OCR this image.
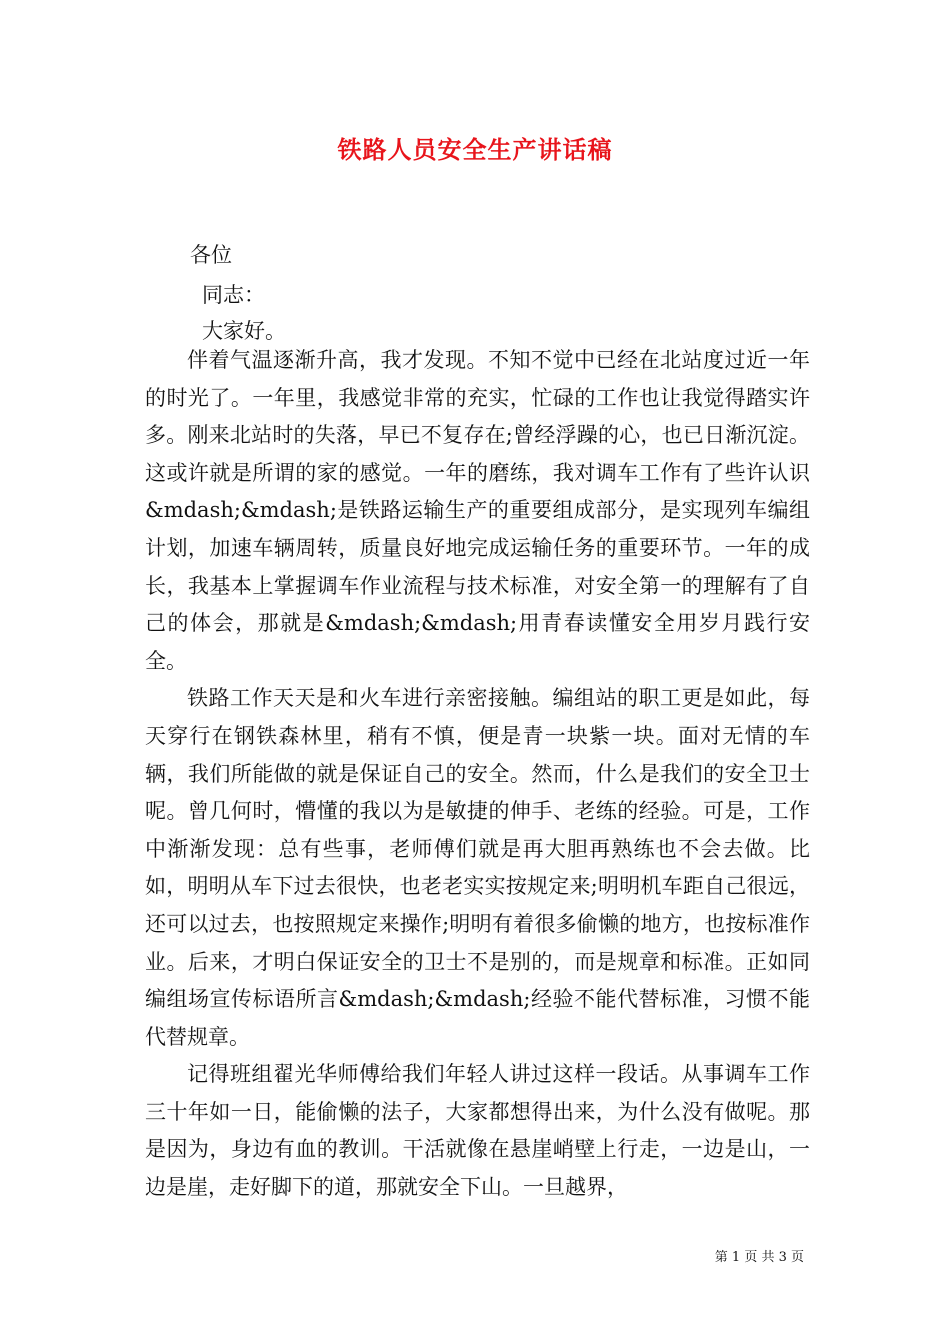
铁路人员安全生产讲话稿
各位
同志：
大家好。

伴着气温逐渐升高，我才发现。不知不觉中已经在北站度过近一年的时光了。一年里，我感觉非常的充实，忙碌的工作也让我觉得踏实许多。刚来北站时的失落，早已不复存在;曾经浮躁的心，也已日渐沉淀。这或许就是所谓的家的感觉。一年的磨练，我对调车工作有了些许认识&mdash;&mdash;是铁路运输生产的重要组成部分，是实现列车编组计划，加速车辆周转，质量良好地完成运输任务的重要环节。一年的成长，我基本上掌握调车作业流程与技术标准，对安全第一的理解有了自己的体会，那就是&mdash;&mdash;用青春读懂安全用岁月践行安全。

铁路工作天天是和火车进行亲密接触。编组站的职工更是如此，每天穿行在钢铁森林里，稍有不慎，便是青一块紫一块。面对无情的车辆，我们所能做的就是保证自己的安全。然而，什么是我们的安全卫士呢。曾几何时，懵懂的我以为是敏捷的伸手、老练的经验。可是，工作中渐渐发现：总有些事，老师傅们就是再大胆再熟练也不会去做。比如，明明从车下过去很快，也老老实实按规定来;明明机车距自己很远，还可以过去，也按照规定来操作;明明有着很多偷懒的地方，也按标准作业。后来，才明白保证安全的卫士不是别的，而是规章和标准。正如同编组场宣传标语所言&mdash;&mdash;经验不能代替标准，习惯不能代替规章。

记得班组翟光华师傅给我们年轻人讲过这样一段话。从事调车工作三十年如一日，能偷懒的法子，大家都想得出来，为什么没有做呢。那是因为，身边有血的教训。干活就像在悬崖峭壁上行走，一边是山，一边是崖，走好脚下的道，那就安全下山。一旦越界，

第 1 页 共 3 页
